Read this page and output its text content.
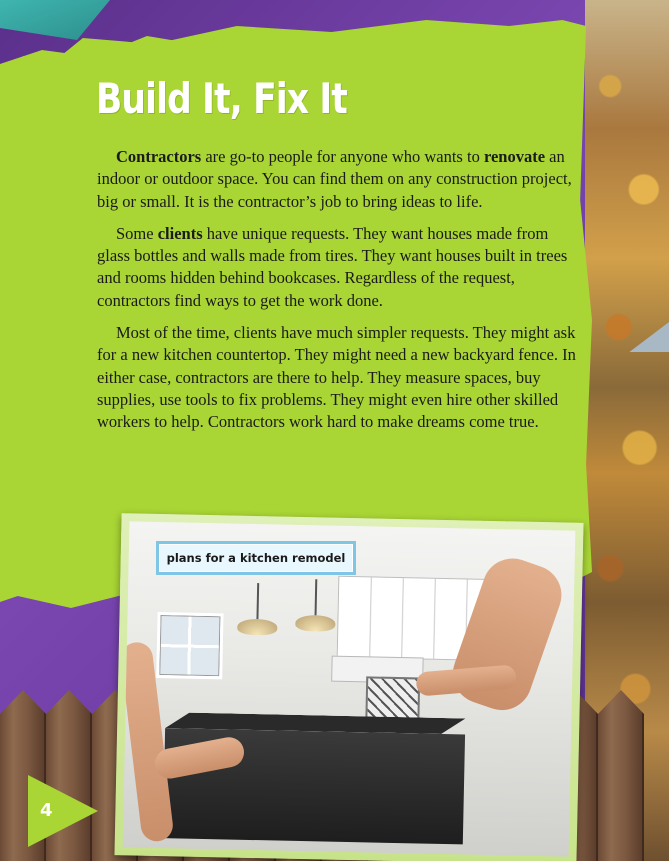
Build It, Fix It

Contractors are go-to people for anyone who wants to renovate an indoor or outdoor space. You can find them on any construction project, big or small. It is the contractor’s job to bring ideas to life.

Some clients have unique requests. They want houses made from glass bottles and walls made from tires. They want houses built in trees and rooms hidden behind bookcases. Regardless of the request, contractors find ways to get the work done.

Most of the time, clients have much simpler requests. They might ask for a new kitchen countertop. They might need a new backyard fence. In either case, contractors are there to help. They measure spaces, buy supplies, use tools to fix problems. They might even hire other skilled workers to help. Contractors work hard to make dreams come true.

plans for a kitchen remodel
4
